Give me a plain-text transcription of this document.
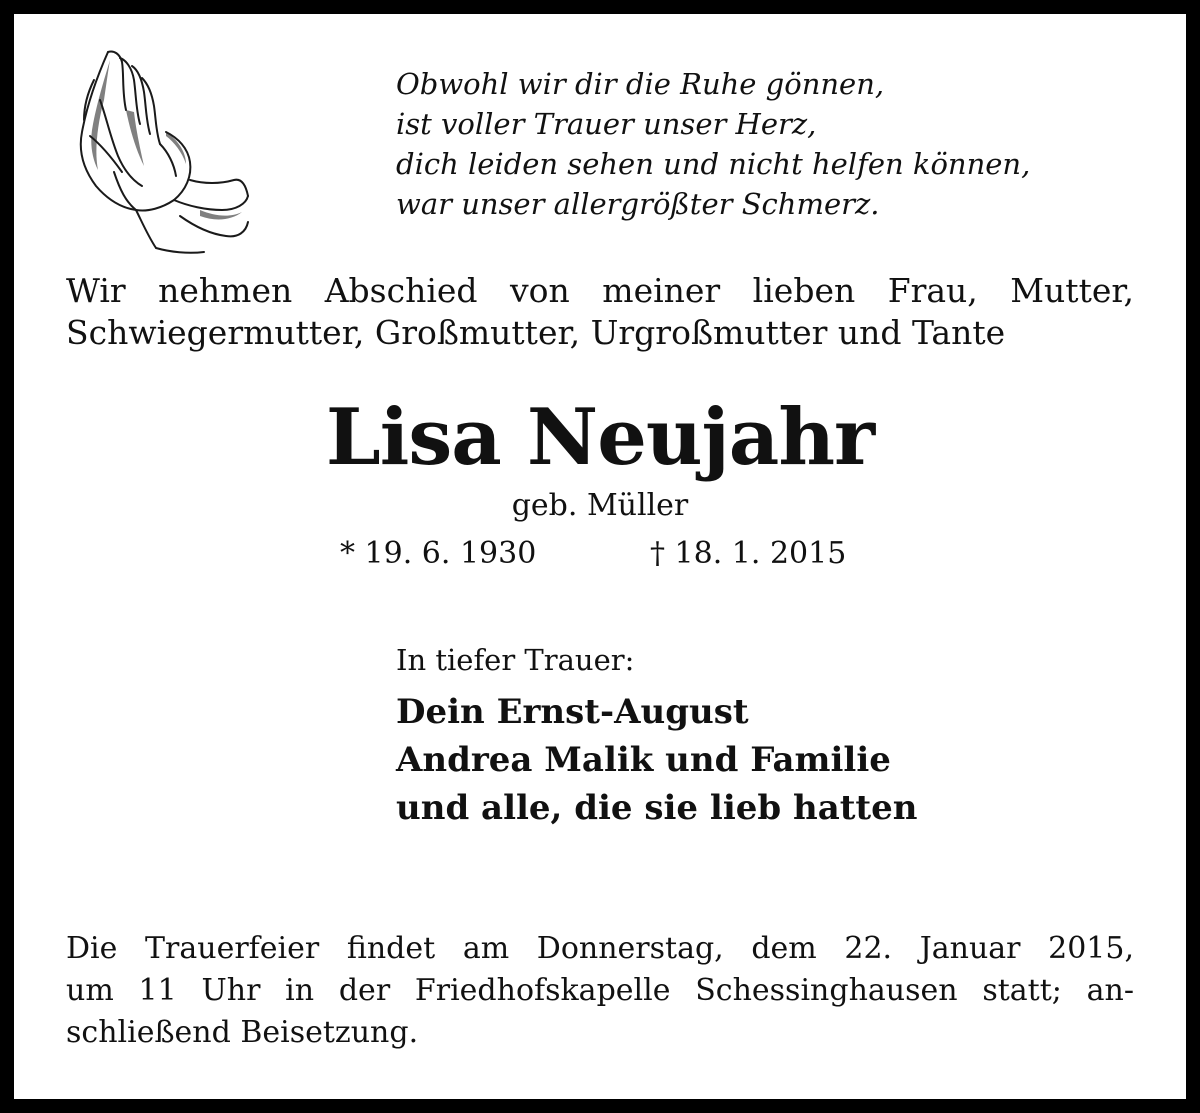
Obwohl wir dir die Ruhe gönnen,
ist voller Trauer unser Herz,
dich leiden sehen und nicht helfen können,
war unser allergrößter Schmerz.
Wir nehmen Abschied von meiner lieben Frau, Mutter,
Schwiegermutter, Großmutter, Urgroßmutter und Tante
Lisa Neujahr
geb. Müller
* 19. 6. 1930	† 18. 1. 2015
In tiefer Trauer:
Dein Ernst-August
Andrea Malik und Familie
und alle, die sie lieb hatten
Die Trauerfeier findet am Donnerstag, dem 22. Januar 2015,
um 11 Uhr in der Friedhofskapelle Schessinghausen statt; an-
schließend Beisetzung.
